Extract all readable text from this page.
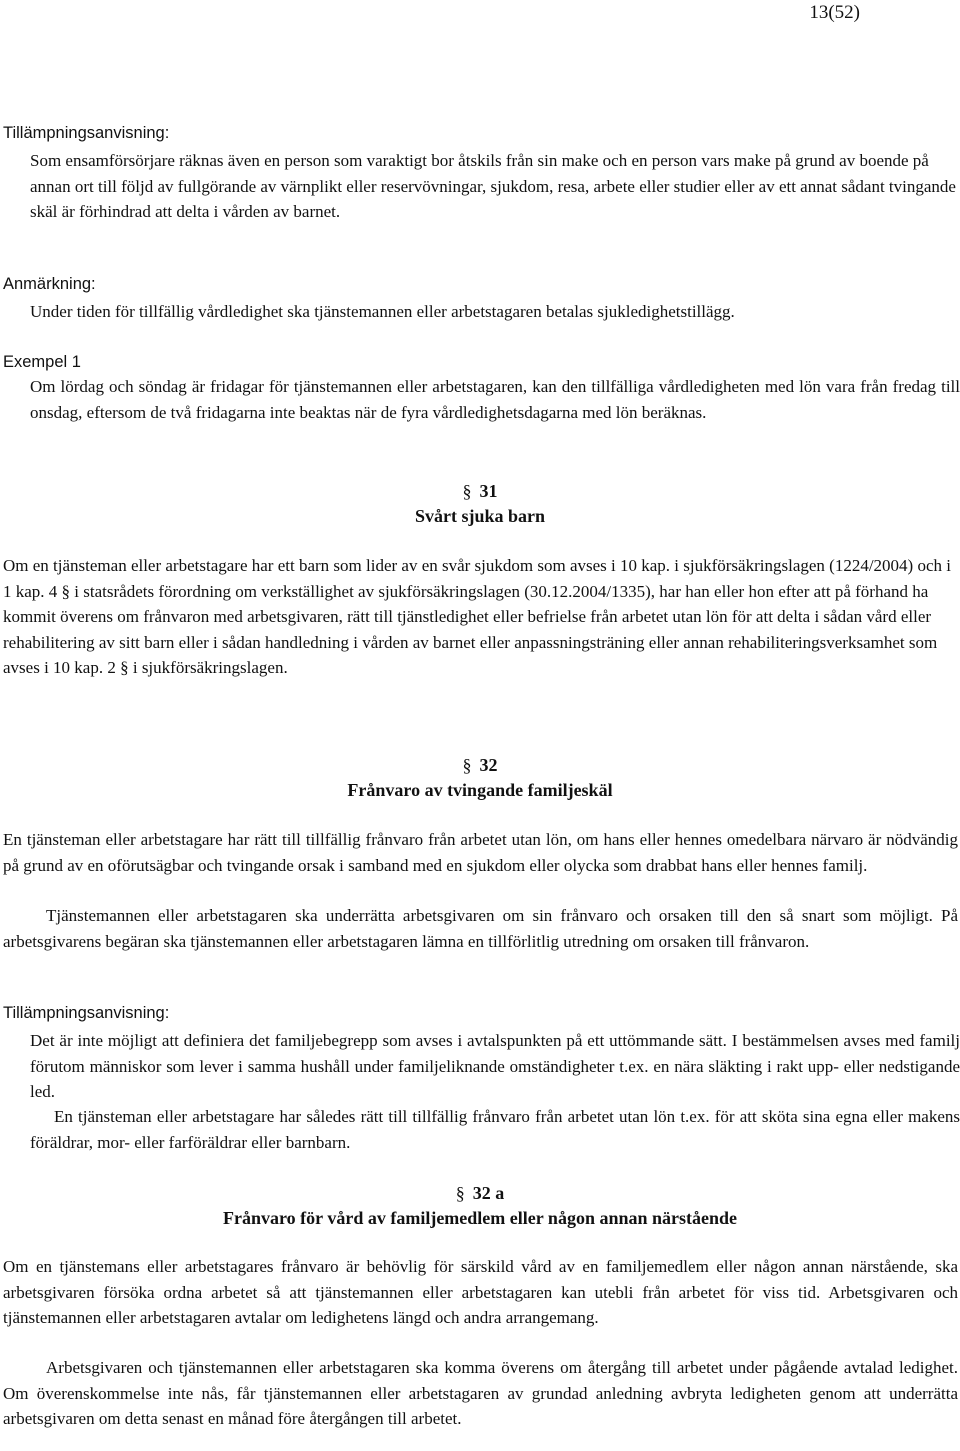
13(52)
Tillämpningsanvisning:

Som ensamförsörjare räknas även en person som varaktigt bor åtskils från sin make och en person vars make på grund av boende på annan ort till följd av fullgörande av värnplikt eller reservövningar, sjukdom, resa, arbete eller studier eller av ett annat sådant tvingande skäl är förhindrad att delta i vården av barnet.

Anmärkning:

Under tiden för tillfällig vårdledighet ska tjänstemannen eller arbetstagaren betalas sjukledighetstillägg.

Exempel 1

Om lördag och söndag är fridagar för tjänstemannen eller arbetstagaren, kan den tillfälliga vårdledigheten med lön vara från fredag till onsdag, eftersom de två fridagarna inte beaktas när de fyra vårdledighetsdagarna med lön beräknas.

§ 31
Svårt sjuka barn

Om en tjänsteman eller arbetstagare har ett barn som lider av en svår sjukdom som avses i 10 kap. i sjukförsäkringslagen (1224/2004) och i 1 kap. 4 § i statsrådets förordning om verkställighet av sjukförsäkringslagen (30.12.2004/1335), har han eller hon efter att på förhand ha kommit överens om frånvaron med arbetsgivaren, rätt till tjänstledighet eller befrielse från arbetet utan lön för att delta i sådan vård eller rehabilitering av sitt barn eller i sådan handledning i vården av barnet eller anpassningsträning eller annan rehabiliteringsverksamhet som avses i 10 kap. 2 § i sjukförsäkringslagen.

§ 32
Frånvaro av tvingande familjeskäl

En tjänsteman eller arbetstagare har rätt till tillfällig frånvaro från arbetet utan lön, om hans eller hennes omedelbara närvaro är nödvändig på grund av en oförutsägbar och tvingande orsak i samband med en sjukdom eller olycka som drabbat hans eller hennes familj.

Tjänstemannen eller arbetstagaren ska underrätta arbetsgivaren om sin frånvaro och orsaken till den så snart som möjligt. På arbetsgivarens begäran ska tjänstemannen eller arbetstagaren lämna en tillförlitlig utredning om orsaken till frånvaron.

Tillämpningsanvisning:

Det är inte möjligt att definiera det familjebegrepp som avses i avtalspunkten på ett uttömmande sätt. I bestämmelsen avses med familj förutom människor som lever i samma hushåll under familjeliknande omständigheter t.ex. en nära släkting i rakt upp- eller nedstigande led.

En tjänsteman eller arbetstagare har således rätt till tillfällig frånvaro från arbetet utan lön t.ex. för att sköta sina egna eller makens föräldrar, mor- eller farföräldrar eller barnbarn.

§ 32 a
Frånvaro för vård av familjemedlem eller någon annan närstående

Om en tjänstemans eller arbetstagares frånvaro är behövlig för särskild vård av en familjemedlem eller någon annan närstående, ska arbetsgivaren försöka ordna arbetet så att tjänstemannen eller arbetstagaren kan utebli från arbetet för viss tid. Arbetsgivaren och tjänstemannen eller arbetstagaren avtalar om ledighetens längd och andra arrangemang.

Arbetsgivaren och tjänstemannen eller arbetstagaren ska komma överens om återgång till arbetet under pågående avtalad ledighet. Om överenskommelse inte nås, får tjänstemannen eller arbetstagaren av grundad anledning avbryta ledigheten genom att underrätta arbetsgivaren om detta senast en månad före återgången till arbetet.
